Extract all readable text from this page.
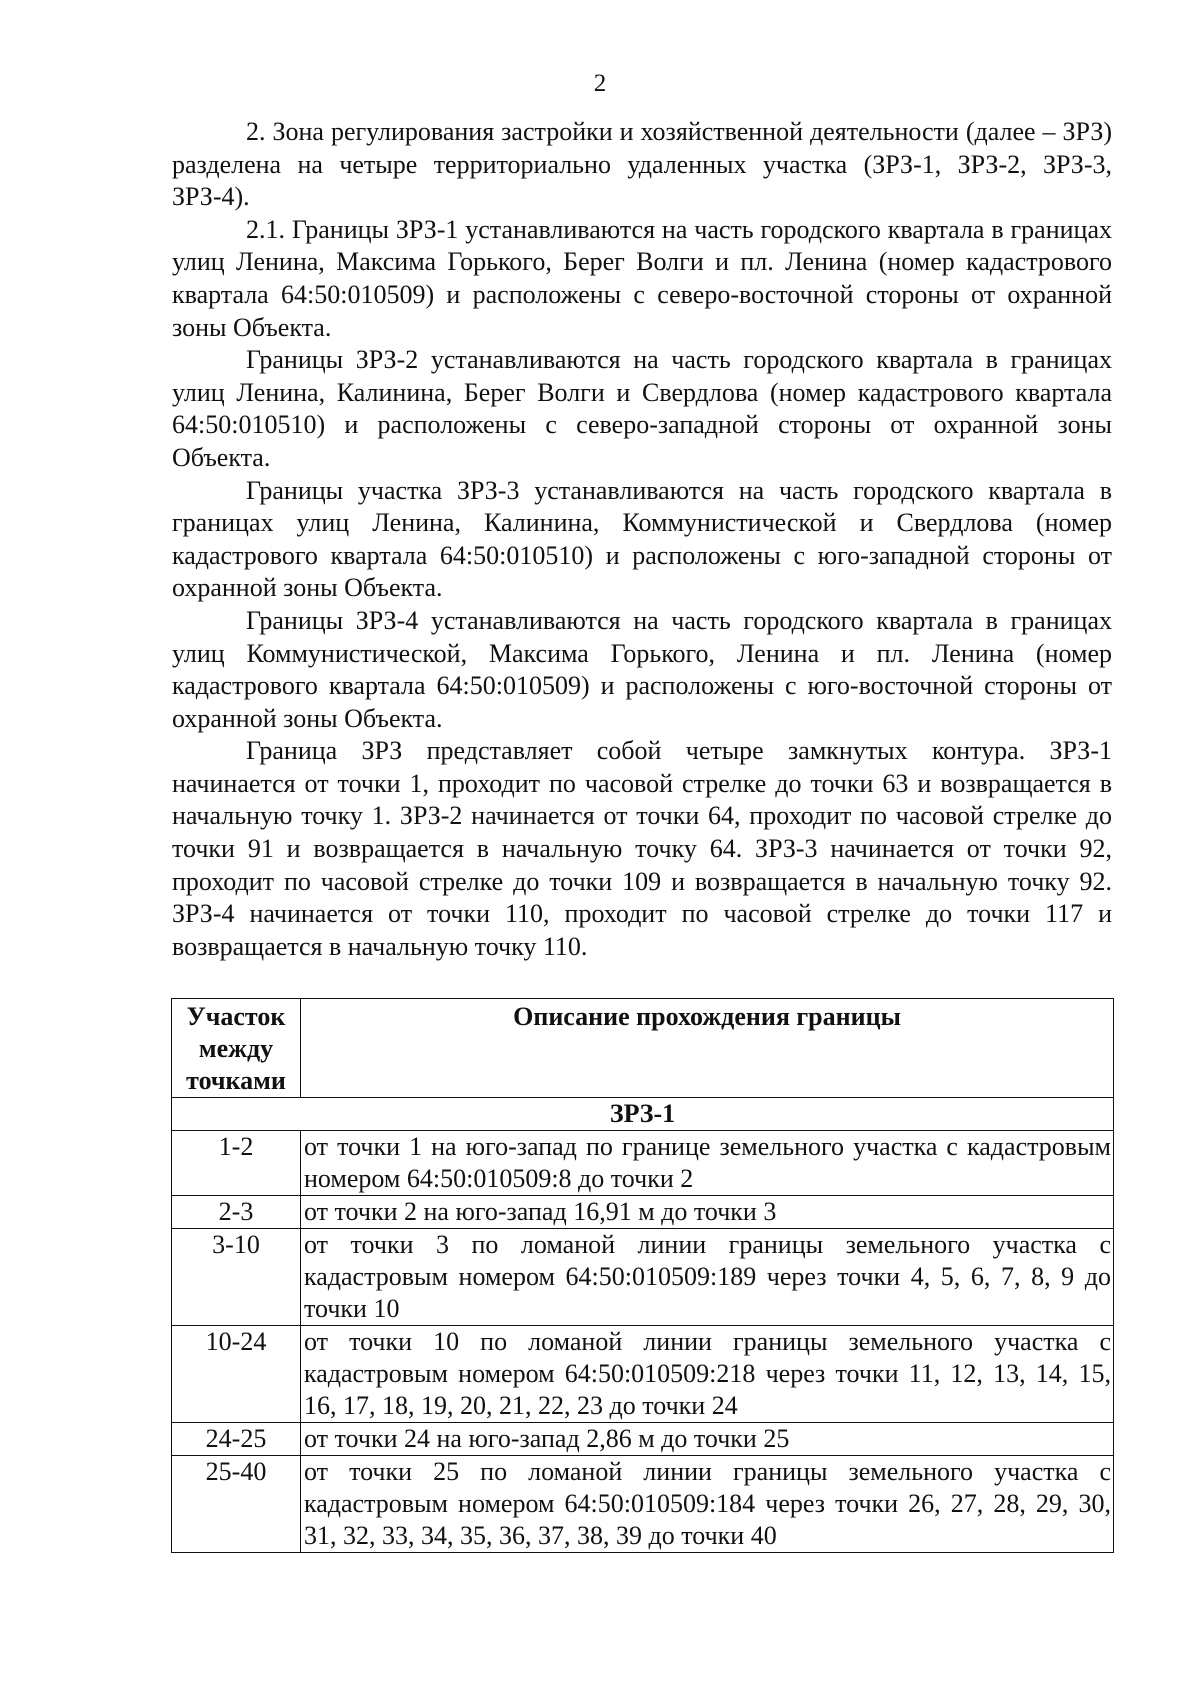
2

2. Зона регулирования застройки и хозяйственной деятельности (далее – ЗРЗ) разделена на четыре территориально удаленных участка (ЗРЗ-1, ЗРЗ-2, ЗРЗ-3, ЗРЗ-4).

2.1. Границы ЗРЗ-1 устанавливаются на часть городского квартала в границах улиц Ленина, Максима Горького, Берег Волги и пл. Ленина (номер кадастрового квартала 64:50:010509) и расположены с северо-восточной стороны от охранной зоны Объекта.

Границы ЗРЗ-2 устанавливаются на часть городского квартала в границах улиц Ленина, Калинина, Берег Волги и Свердлова (номер кадастрового квартала 64:50:010510) и расположены с северо-западной стороны от охранной зоны Объекта.

Границы участка ЗРЗ-3 устанавливаются на часть городского квартала в границах улиц Ленина, Калинина, Коммунистической и Свердлова (номер кадастрового квартала 64:50:010510) и расположены с юго-западной стороны от охранной зоны Объекта.

Границы ЗРЗ-4 устанавливаются на часть городского квартала в границах улиц Коммунистической, Максима Горького, Ленина и пл. Ленина (номер кадастрового квартала 64:50:010509) и расположены с юго-восточной стороны от охранной зоны Объекта.

Граница ЗРЗ представляет собой четыре замкнутых контура. ЗРЗ-1 начинается от точки 1, проходит по часовой стрелке до точки 63 и возвращается в начальную точку 1. ЗРЗ-2 начинается от точки 64, проходит по часовой стрелке до точки 91 и возвращается в начальную точку 64. ЗРЗ-3 начинается от точки 92, проходит по часовой стрелке до точки 109 и возвращается в начальную точку 92. ЗРЗ-4 начинается от точки 110, проходит по часовой стрелке до точки 117 и возвращается в начальную точку 110.

Участок между точками	Описание прохождения границы
ЗРЗ-1	
1-2	от точки 1 на юго-запад по границе земельного участка с кадастровым номером 64:50:010509:8 до точки 2
2-3	от точки 2 на юго-запад 16,91 м до точки 3
3-10	от точки 3 по ломаной линии границы земельного участка с кадастровым номером 64:50:010509:189 через точки 4, 5, 6, 7, 8, 9 до точки 10
10-24	от точки 10 по ломаной линии границы земельного участка с кадастровым номером 64:50:010509:218 через точки 11, 12, 13, 14, 15, 16, 17, 18, 19, 20, 21, 22, 23 до точки 24
24-25	от точки 24 на юго-запад 2,86 м до точки 25
25-40	от точки 25 по ломаной линии границы земельного участка с кадастровым номером 64:50:010509:184 через точки 26, 27, 28, 29, 30, 31, 32, 33, 34, 35, 36, 37, 38, 39 до точки 40
